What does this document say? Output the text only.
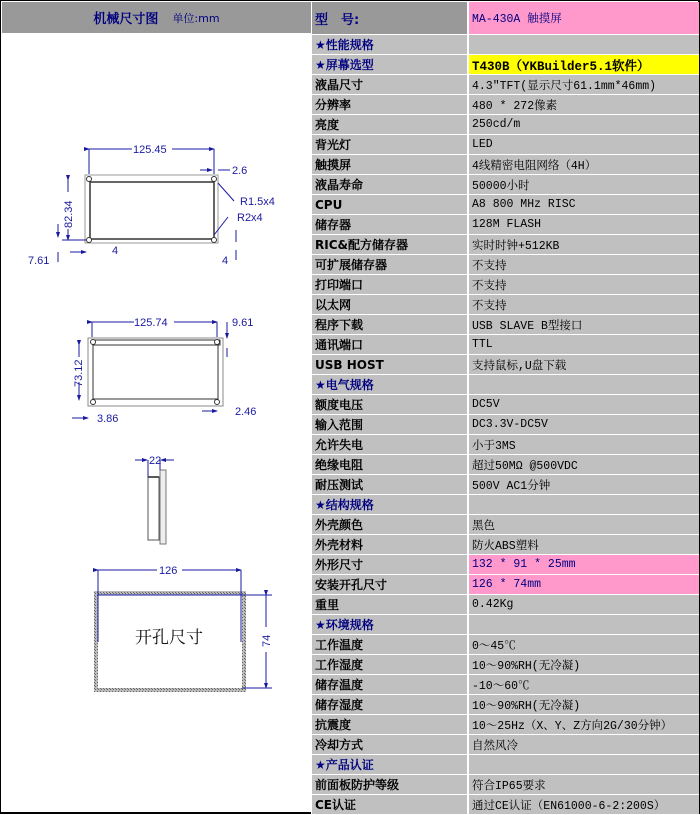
机械尺寸图 单位:mm
125.45
2.6
R1.5x4
R2x4
7.61
4
4
82.34
125.74	9.61
3.86
2.46
73.12
22
126
74
开孔尺寸
型　号:	MA-430A 触摸屏
★性能规格
★屏幕选型	T430B（YKBuilder5.1软件）
液晶尺寸	4.3"TFT(显示尺寸61.1mm*46mm)
分辨率	480 * 272像素
亮度	250cd/m
背光灯	LED
触摸屏	4线精密电阻网络（4H）
液晶寿命	50000小时
CPU	A8 800 MHz RISC
储存器	128M FLASH
RIC&配方储存器	实时时钟+512KB
可扩展储存器	不支持
打印端口	不支持
以太网	不支持
程序下载	USB SLAVE B型接口
通讯端口	TTL
USB HOST	支持鼠标,U盘下载
★电气规格
额度电压	DC5V
输入范围	DC3.3V-DC5V
允许失电	小于3MS
绝缘电阻	超过50MΩ @500VDC
耐压测试	500V AC1分钟
★结构规格
外壳颜色	黑色
外壳材料	防火ABS塑料
外形尺寸	132 * 91 * 25mm
安装开孔尺寸	126 * 74mm
重里	0.42Kg
★环境规格
工作温度	0～45℃
工作湿度	10～90%RH(无冷凝)
储存温度	-10～60℃
储存湿度	10～90%RH(无冷凝)
抗震度	10～25Hz（X、Y、Z方向2G/30分钟）
冷却方式	自然风冷
★产品认证
前面板防护等级	符合IP65要求
CE认证	通过CE认证（EN61000-6-2:200S）
